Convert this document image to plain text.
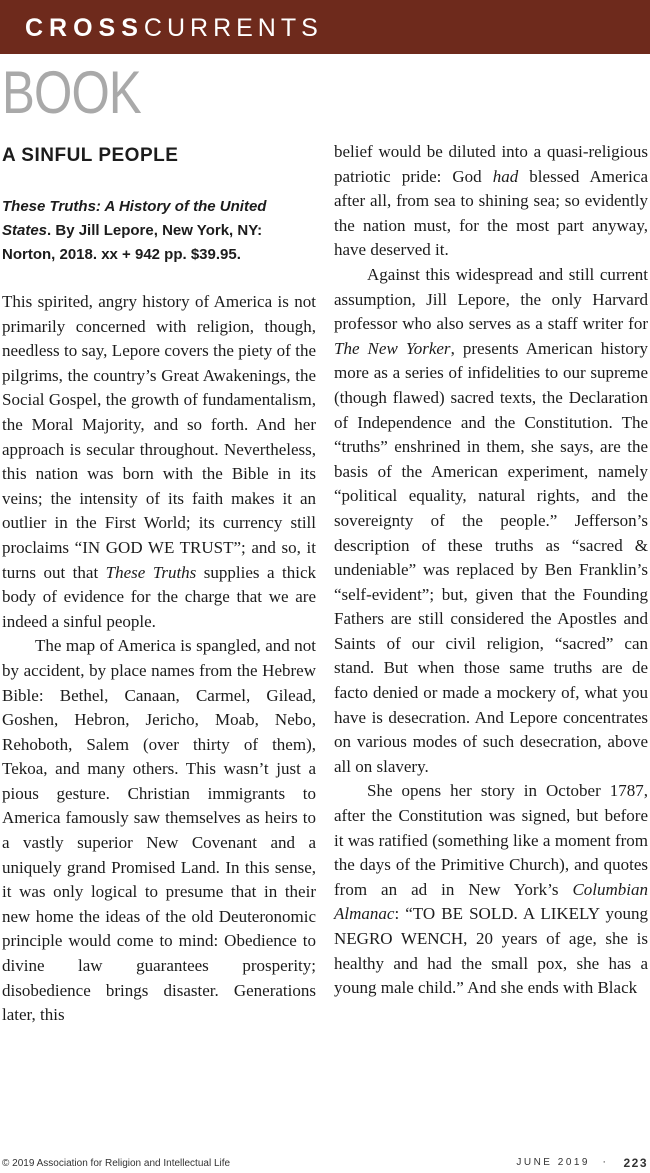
CROSSCURRENTS
BOOK
A SINFUL PEOPLE
These Truths: A History of the United States. By Jill Lepore, New York, NY: Norton, 2018. xx + 942 pp. $39.95.

This spirited, angry history of America is not primarily concerned with religion, though, needless to say, Lepore covers the piety of the pilgrims, the country’s Great Awakenings, the Social Gospel, the growth of fundamentalism, the Moral Majority, and so forth. And her approach is secular throughout. Nevertheless, this nation was born with the Bible in its veins; the intensity of its faith makes it an outlier in the First World; its currency still proclaims “IN GOD WE TRUST”; and so, it turns out that These Truths supplies a thick body of evidence for the charge that we are indeed a sinful people.

The map of America is spangled, and not by accident, by place names from the Hebrew Bible: Bethel, Canaan, Carmel, Gilead, Goshen, Hebron, Jericho, Moab, Nebo, Rehoboth, Salem (over thirty of them), Tekoa, and many others. This wasn’t just a pious gesture. Christian immigrants to America famously saw themselves as heirs to a vastly superior New Covenant and a uniquely grand Promised Land. In this sense, it was only logical to presume that in their new home the ideas of the old Deuteronomic principle would come to mind: Obedience to divine law guarantees prosperity; disobedience brings disaster. Generations later, this

belief would be diluted into a quasi-religious patriotic pride: God had blessed America after all, from sea to shining sea; so evidently the nation must, for the most part anyway, have deserved it.

Against this widespread and still current assumption, Jill Lepore, the only Harvard professor who also serves as a staff writer for The New Yorker, presents American history more as a series of infidelities to our supreme (though flawed) sacred texts, the Declaration of Independence and the Constitution. The “truths” enshrined in them, she says, are the basis of the American experiment, namely “political equality, natural rights, and the sovereignty of the people.” Jefferson’s description of these truths as “sacred & undeniable” was replaced by Ben Franklin’s “self-evident”; but, given that the Founding Fathers are still considered the Apostles and Saints of our civil religion, “sacred” can stand. But when those same truths are de facto denied or made a mockery of, what you have is desecration. And Lepore concentrates on various modes of such desecration, above all on slavery.

She opens her story in October 1787, after the Constitution was signed, but before it was ratified (something like a moment from the days of the Primitive Church), and quotes from an ad in New York’s Columbian Almanac: “TO BE SOLD. A LIKELY young NEGRO WENCH, 20 years of age, she is healthy and had the small pox, she has a young male child.” And she ends with Black

© 2019 Association for Religion and Intellectual Life	JUNE 2019 · 223
